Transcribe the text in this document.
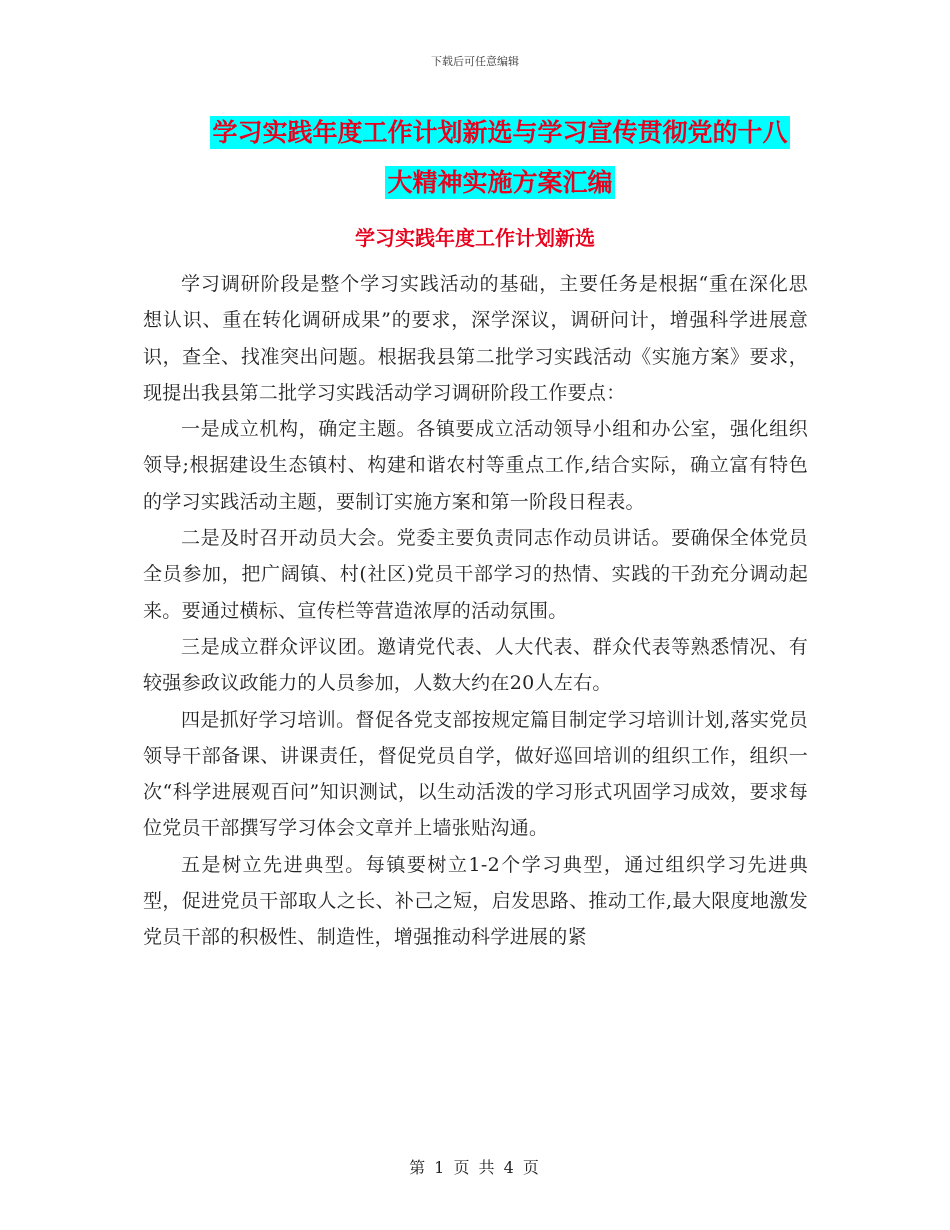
下载后可任意编辑
学习实践年度工作计划新选与学习宣传贯彻党的十八
大精神实施方案汇编
学习实践年度工作计划新选

学习调研阶段是整个学习实践活动的基础，主要任务是根据“重在深化思想认识、重在转化调研成果”的要求，深学深议，调研问计，增强科学进展意识，查全、找准突出问题。根据我县第二批学习实践活动《实施方案》要求，现提出我县第二批学习实践活动学习调研阶段工作要点：

一是成立机构，确定主题。各镇要成立活动领导小组和办公室，强化组织领导;根据建设生态镇村、构建和谐农村等重点工作,结合实际，确立富有特色的学习实践活动主题，要制订实施方案和第一阶段日程表。

二是及时召开动员大会。党委主要负责同志作动员讲话。要确保全体党员全员参加，把广阔镇、村(社区)党员干部学习的热情、实践的干劲充分调动起来。要通过横标、宣传栏等营造浓厚的活动氛围。

三是成立群众评议团。邀请党代表、人大代表、群众代表等熟悉情况、有较强参政议政能力的人员参加，人数大约在20人左右。

四是抓好学习培训。督促各党支部按规定篇目制定学习培训计划,落实党员领导干部备课、讲课责任，督促党员自学，做好巡回培训的组织工作，组织一次“科学进展观百问”知识测试，以生动活泼的学习形式巩固学习成效，要求每位党员干部撰写学习体会文章并上墙张贴沟通。

五是树立先进典型。每镇要树立1-2个学习典型，通过组织学习先进典型，促进党员干部取人之长、补己之短，启发思路、推动工作,最大限度地激发党员干部的积极性、制造性，增强推动科学进展的紧

第 1 页 共 4 页
